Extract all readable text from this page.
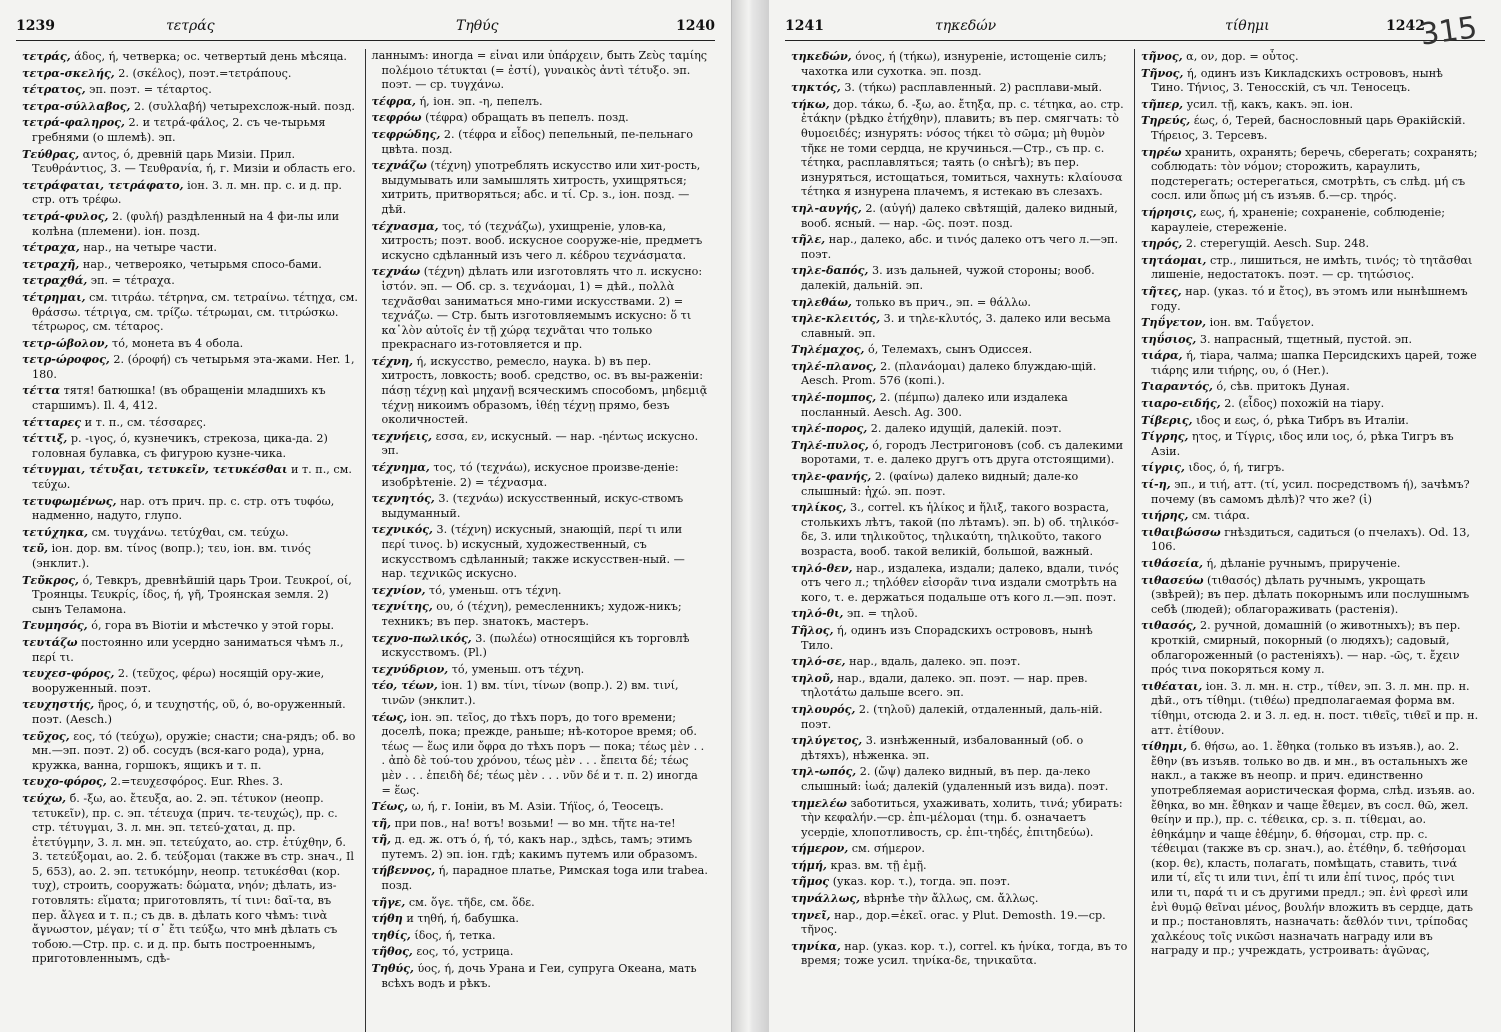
1239	τετράς	Τηθύς	1240

τετράς, άδος, ή, четверка; ос. четвертый день мѣсяца.

τετρα-σκελής, 2. (σκέλος), поэт.=τετράπους.

τέτρατος, эп. поэт. = τέταρτος.

τετρα-σύλλαβος, 2. (συλλαβή) четырехслож-ный. позд.

τετρά-φαληρος, 2. и τετρά-φάλος, 2. съ че-тырьмя гребнями (о шлемѣ). эп.

Τεύθρας, αντος, ό, древній царь Мизіи. Прил. Τευθράντιος, 3. — Τευθρανία, ή, г. Мизіи и область его.

τετράφαται, τετράφατο, іон. 3. л. мн. пр. с. и д. пр. стр. отъ τρέφω.

τετρά-φυλος, 2. (φυλή) раздѣленный на 4 фи-лы или колѣна (племени). іон. позд.

τέτραχα, нар., на четыре части.

τετραχῆ, нар., четверояко, четырьмя спосо-бами.

τετραχθά, эп. = τέτραχα.

τέτρημαι, см. τιτράω. τέτρηνα, см. τετραίνω. τέτηχα, см. θράσσω. τέτριγα, см. τρίζω. τέτρωμαι, см. τιτρώσκω. τέτρωρος, см. τέταρος.

τετρ-ώβολον, τό, монета въ 4 обола.

τετρ-ώροφος, 2. (όροφή) съ четырьмя эта-жами. Her. 1, 180.

τέττα тятя! батюшка! (въ обращеніи младшихъ къ старшимъ). Il. 4, 412.

τέτταρες и т. п., см. τέσσαρες.

τέττιξ, р. -ιγος, ό, кузнечикъ, стрекоза, цика-да. 2) головная булавка, съ фигурою кузне-чика.

τέτυγμαι, τέτυξαι, τετυκεῖν, τετυκέσθαι и т. п., см. τεύχω.

τετυφωμένως, нар. отъ прич. пр. с. стр. отъ τυφόω, надменно, надуто, глупо.

τετύχηκα, см. τυγχάνω. τετύχθαι, см. τεύχω.

τεῦ, іон. дор. вм. τίνος (вопр.); τευ, іон. вм. τινός (энклит.).

Τεῦκρος, ό, Тевкръ, древнѣйшій царь Трои. Τευκροί, οί, Троянцы. Τευκρίς, ίδος, ή, γῆ, Троянская земля. 2) сынъ Теламона.

Τευμησός, ό, гора въ Віотіи и мѣстечко у этой горы.

τευτάζω постоянно или усердно заниматься чѣмъ л., περί τι.

τευχεσ-φόρος, 2. (τεῦχος, φέρω) носящій ору-жие, вооруженный. поэт.

τευχηστής, ῆρος, ό, и τευχηστής, οῦ, ό, во-оруженный. поэт. (Aesch.)

τεῦχος, εος, τό (τεύχω), оружіе; снасти; сна-рядъ; об. во мн.—эп. поэт. 2) об. сосудъ (вся-каго рода), урна, кружка, ванна, горшокъ, ящикъ и т. п.

τευχο-φόρος, 2.=τευχεσφόρος. Eur. Rhes. 3.

τεύχω, б. -ξω, ао. ἔτευξα, ао. 2. эп. τέτυκον (неопр. τετυκεῖν), пр. с. эп. τέτευχα (прич. τε-τευχώς), пр. с. стр. τέτυγμαι, 3. л. мн. эп. τετεύ-χαται, д. пр. ἐτετύγμην, 3. л. мн. эп. τετεύχατο, ао. стр. ἐτύχθην, б. 3. τετεύξομαι, ао. 2. б. τεύξομαι (также въ стр. знач., Il 5, 653), ао. 2. эп. τετυκόμην, неопр. τετυκέσθαι (кор. τυχ), строить, сооружать: δώματα, νηόν; дѣлать, из-готовлять: εἵματα; приготовлять, τί τινι: δαῖ-τα, въ пер. ἄλγεα и т. п.; съ дв. в. дѣлать кого чѣмъ: τινὰ ἄγνωστον, μέγαν; τί σ᾿ ἔτι τεύξω, что мнѣ дѣлать съ тобою.—Стр. пр. с. и д. пр. быть построеннымъ, приготовленнымъ, сдѣ-

ланнымъ: иногда = εἶναι или ὑπάρχειν, быть Ζεὺς ταμίης πολέμοιο τέτυκται (= ἐστί), γυναικὸς ἀντὶ τέτυξο. эп. поэт. — ср. τυγχάνω.

τέφρα, ή, іон. эп. -η, пепелъ.

τεφρόω (τέφρα) обращать въ пепелъ. позд.

τεφρώδης, 2. (τέφρα и εἶδος) пепельный, пе-пельнаго цвѣта. позд.

τεχνάζω (τέχνη) употреблять искусство или хит-рость, выдумывать или замышлять хитрость, ухищряться; хитрить, притворяться; абс. и τί. Ср. з., іон. позд. — дѣй.

τέχνασμα, τος, τό (τεχνάζω), ухищреніе, улов-ка, хитрость; поэт. вооб. искусное сооруже-ніе, предметъ искусно сдѣланный изъ чего л. κέδρου τεχνάσματα.

τεχνάω (τέχνη) дѣлать или изготовлять что л. искусно: ἱστόν. эп. — Об. ср. з. τεχνάομαι, 1) = дѣй., πολλὰ τεχνᾶσθαι заниматься мно-гими искусствами. 2) = τεχνάζω. — Стр. быть изготовляемымъ искусно: ὅ τι κα᾿λὸν αὐτοῖς ἐν τῇ χώρᾳ τεχνᾶται что только прекраснаго из-готовляется и пр.

τέχνη, ή, искусство, ремесло, наука. b) въ пер. хитрость, ловкость; вооб. средство, ос. въ вы-раженіи: πάσῃ τέχνῃ καὶ μηχανῇ всяческимъ способомъ, μηδεμιᾷ τέχνῃ никоимъ образомъ, ἰθέῃ τέχνῃ прямо, безъ околичностей.

τεχνήεις, εσσα, εν, искусный. — нар. -ηέντως искусно. эп.

τέχνημα, τος, τό (τεχνάω), искусное произве-деніе: изобрѣтеніе. 2) = τέχνασμα.

τεχνητός, 3. (τεχνάω) искусственный, искус-ствомъ выдуманный.

τεχνικός, 3. (τέχνη) искусный, знающій, περί τι или περί τινος. b) искусный, художественный, съ искусствомъ сдѣланный; также искусствен-ный. — нар. τεχνικῶς искусно.

τεχνίον, τό, уменьш. отъ τέχνη.

τεχνίτης, ου, ό (τέχνη), ремесленникъ; худож-никъ; техникъ; въ пер. знатокъ, мастеръ.

τεχνο-πωλικός, 3. (πωλέω) относящійся къ торговлѣ искусствомъ. (Pl.)

τεχνύδριον, τό, уменьш. отъ τέχνη.

τέο, τέων, іон. 1) вм. τίνι, τίνων (вопр.). 2) вм. τινί, τινῶν (энклит.).

τέως, іон. эп. τεῖος, до тѣхъ поръ, до того времени; доселѣ, пока; прежде, раньше; нѣ-которое время; об. τέως — ἕως или ὄφρα до тѣхъ поръ — пока; τέως μὲν . . . ἀπὸ δὲ τού-του χρόνου, τέως μὲν . . . ἔπειτα δέ; τέως μὲν . . . ἐπειδὴ δέ; τέως μὲν . . . νῦν δέ и т. п. 2) иногда = ἕως.

Τέως, ω, ή, г. Іоніи, въ М. Азіи. Τήϊος, ό, Теосецъ.

τῆ, при пов., на! вотъ! возьми! — во мн. τῆτε на-те!

τῆ, д. ед. ж. отъ ό, ή, τό, какъ нар., здѣсь, тамъ; этимъ путемъ. 2) эп. іон. гдѣ; какимъ путемъ или образомъ.

τήβεννος, ή, парадное платье, Римская toga или trabea. позд.

τῆγε, см. ὅγε. τῆδε, см. ὅδε.

τήθη и τηθή, ή, бабушка.

τηθίς, ίδος, ή, тетка.

τῆθος, εος, τό, устрица.

Τηθύς, ύος, ή, дочь Урана и Геи, супруга Океана, мать всѣхъ водъ и рѣкъ.

1241	τηκεδών	τίθημι	1242
315

τηκεδών, όνος, ή (τήκω), изнуреніе, истощеніе силъ; чахотка или сухотка. эп. позд.

τηκτός, 3. (τήκω) расплавленный. 2) расплави-мый.

τήκω, дор. τάκω, б. -ξω, ао. ἔτηξα, пр. с. τέτηκα, ао. стр. ἐτάκην (рѣдко ἐτήχθην), плавить; въ пер. смягчать: τὸ θυμοειδές; изнурять: νόσος τήκει τὸ σῶμα; μὴ θυμὸν τῆκε не томи сердца, не кручинься.—Стр., съ пр. с. τέτηκα, расплавляться; таять (о снѣгѣ); въ пер. изнуряться, истощаться, томиться, чахнуть: κλαίουσα τέτηκα я изнурена плачемъ, я истекаю въ слезахъ.

τηλ-αυγής, 2. (αὐγή) далеко свѣтящій, далеко видный, вооб. ясный. — нар. -ῶς. поэт. позд.

τῆλε, нар., далеко, абс. и τινός далеко отъ чего л.—эп. поэт.

τηλε-δαπός, 3. изъ дальней, чужой стороны; вооб. далекій, дальній. эп.

τηλεθάω, только въ прич., эп. = θάλλω.

τηλε-κλειτός, 3. и τηλε-κλυτός, 3. далеко или весьма славный. эп.

Τηλέμαχος, ό, Телемахъ, сынъ Одиссея.

τηλέ-πλανος, 2. (πλανάομαι) далеко блуждаю-щій. Aesch. Prom. 576 (копі.).

τηλέ-πομπος, 2. (πέμπω) далеко или издалека посланный. Aesch. Ag. 300.

τηλέ-πορος, 2. далеко идущій, далекій. поэт.

Τηλέ-πυλος, ό, городъ Лестригоновъ (соб. съ далекими воротами, т. е. далеко другъ отъ друга отстоящими).

τηλε-φανής, 2. (φαίνω) далеко видный; дале-ко слышный: ἠχώ. эп. поэт.

τηλίκος, 3., correl. къ ἡλίκος и ἥλιξ, такого возраста, столькихъ лѣтъ, такой (по лѣтамъ). эп. b) об. τηλικόσ-δε, 3. или τηλικοῦτος, τηλικαύτη, τηλικοῦτο, такого возраста, вооб. такой великій, большой, важный.

τηλό-θεν, нар., издалека, издали; далеко, вдали, τινός отъ чего л.; τηλόθεν εἰσορᾶν τινα издали смотрѣть на кого, τ. е. держаться подальше отъ кого л.—эп. поэт.

τηλό-θι, эп. = τηλοῦ.

Τῆλος, ή, одинъ изъ Спорадскихъ острововъ, нынѣ Тило.

τηλό-σε, нар., вдаль, далеко. эп. поэт.

τηλοῦ, нар., вдали, далеко. эп. поэт. — нар. прев. τηλοτάτω дальше всего. эп.

τηλουρός, 2. (τηλοῦ) далекій, отдаленный, даль-ній. поэт.

τηλύγετος, 3. изнѣженный, избалованный (об. о дѣтяхъ), нѣженка. эп.

τηλ-ωπός, 2. (ὤψ) далеко видный, въ пер. да-леко слышный: ἰωά; далекій (удаленный изъ вида). поэт.

τημελέω заботиться, ухаживать, холить, τινά; убирать: τὴν κεφαλήν.—ср. ἐπι-μέλομαι (τημ. б. означаетъ усердіе, хлопотливость, ср. ἐπι-τηδές, ἐπιτηδεύω).

τήμερον, см. σήμερον.

τήμή, краз. вм. τῇ ἐμῇ.

τῆμος (указ. кор. τ.), тогда. эп. поэт.

τηνάλλως, вѣрнѣе τὴν ἄλλως, см. ἄλλως.

τηνεῖ, нар., дор.=ἐκεῖ. orac. у Plut. Demosth. 19.—ср. τῆνος.

τηνίκα, нар. (указ. кор. τ.), correl. къ ἡνίκα, тогда, въ то время; тоже усил. τηνίκα-δε, τηνικαῦτα.

τῆνος, α, ον, дор. = οὗτος.

Τῆνος, ή, одинъ изъ Кикладскихъ острововъ, нынѣ Тино. Τήνιος, 3. Теносскій, съ чл. Теносецъ.

τῆπερ, усил. τῇ, какъ, какъ. эп. іон.

Τηρεύς, έως, ό, Терей, баснословный царь Ѳракійскій. Τήρειος, 3. Терсевъ.

τηρέω хранить, охранять; беречь, сберегать; сохранять; соблюдать: τὸν νόμον; сторожить, караулить, подстерегать; остерегаться, смотрѣть, съ слѣд. μή съ сосл. или ὅπως μή съ изъяв. б.—ср. τηρός.

τήρησις, εως, ή, храненіе; сохраненіе, соблюденіе; караулеіе, стереженіе.

τηρός, 2. стерегущій. Aesch. Sup. 248.

τητάομαι, стр., лишиться, не имѣть, τινός; τὸ τητᾶσθαι лишеніе, недостатокъ. поэт. — ср. τητώσιος.

τῆτες, нар. (указ. τό и ἔτος), въ этомъ или нынѣшнемъ году.

Τηΰγετον, іон. вм. Ταΰγετον.

τηΰσιος, 3. напрасный, тщетный, пустой. эп.

τιάρα, ή, тіара, чалма; шапка Персидскихъ царей, тоже τιάρης или τιήρης, ου, ό (Her.).

Τιαραντός, ό, сѣв. притокъ Дуная.

τιαρο-ειδής, 2. (εἶδος) похожій на тіару.

Τίβερις, ιδος и εως, ό, рѣка Тибръ въ Италіи.

Τίγρης, ητος, и Τίγρις, ιδος или ιος, ό, рѣка Тигръ въ Азіи.

τίγρις, ιδος, ό, ή, тигръ.

τί-η, эп., и τιή, атт. (τί, усил. посредствомъ ή), зачѣмъ? почему (въ самомъ дѣлѣ)? что же? (ἰ)

τιήρης, см. τιάρα.

τιθαιβώσσω гнѣздиться, садиться (о пчелахъ). Od. 13, 106.

τιθάσεία, ή, дѣланіе ручнымъ, прирученіе.

τιθασεύω (τιθασός) дѣлать ручнымъ, укрощать (звѣрей); въ пер. дѣлать покорнымъ или послушнымъ себѣ (людей); облагораживать (растенія).

τιθασός, 2. ручной, домашній (о животныхъ); въ пер. кроткій, смирный, покорный (о людяхъ); садовый, облагороженный (о растеніяхъ). — нар. -ῶς, τ. ἔχειν πρός τινα покоряться кому л.

τιθέαται, іон. 3. л. мн. н. стр., τίθεν, эп. 3. л. мн. пр. н. дѣй., отъ τίθημι. (τιθέω) предполагаемая форма вм. τίθημι, отсюда 2. и 3. л. ед. н. пост. τιθεῖς, τιθεῖ и пр. н. атт. ἐτίθουν.

τίθημι, б. θήσω, ао. 1. ἔθηκα (только въ изъяв.), ао. 2. ἔθην (въ изъяв. только во дв. и мн., въ остальныхъ же накл., а также въ неопр. и прич. единственно употребляемая аористическая форма, слѣд. изъяв. ао. ἔθηκα, во мн. ἔθηκαν и чаще ἔθεμεν, въ сосл. θῶ, жел. θείην и пр.), пр. с. τέθεικα, ср. з. п. τίθεμαι, ао. ἐθηκάμην и чаще ἐθέμην, б. θήσομαι, стр. пр. с. τέθειμαι (также въ ср. знач.), ао. ἐτέθην, б. τεθήσομαι (кор. θε), класть, полагать, помѣщать, ставить, τινά или τί, εἴς τι или τινι, ἐπί τι или ἐπί τινος, πρός τινι или τι, παρά τι и съ другими предл.; эп. ἐνὶ φρεσὶ или ἐνὶ θυμῷ θεῖναι μένος, βουλήν вложить въ сердце, дать и пр.; постановлять, назначать: ἄεθλόν τινι, τρίποδας χαλκέους τοῖς νικῶσι назначать награду или въ награду и пр.; учреждать, устроивать: ἀγῶνας,
